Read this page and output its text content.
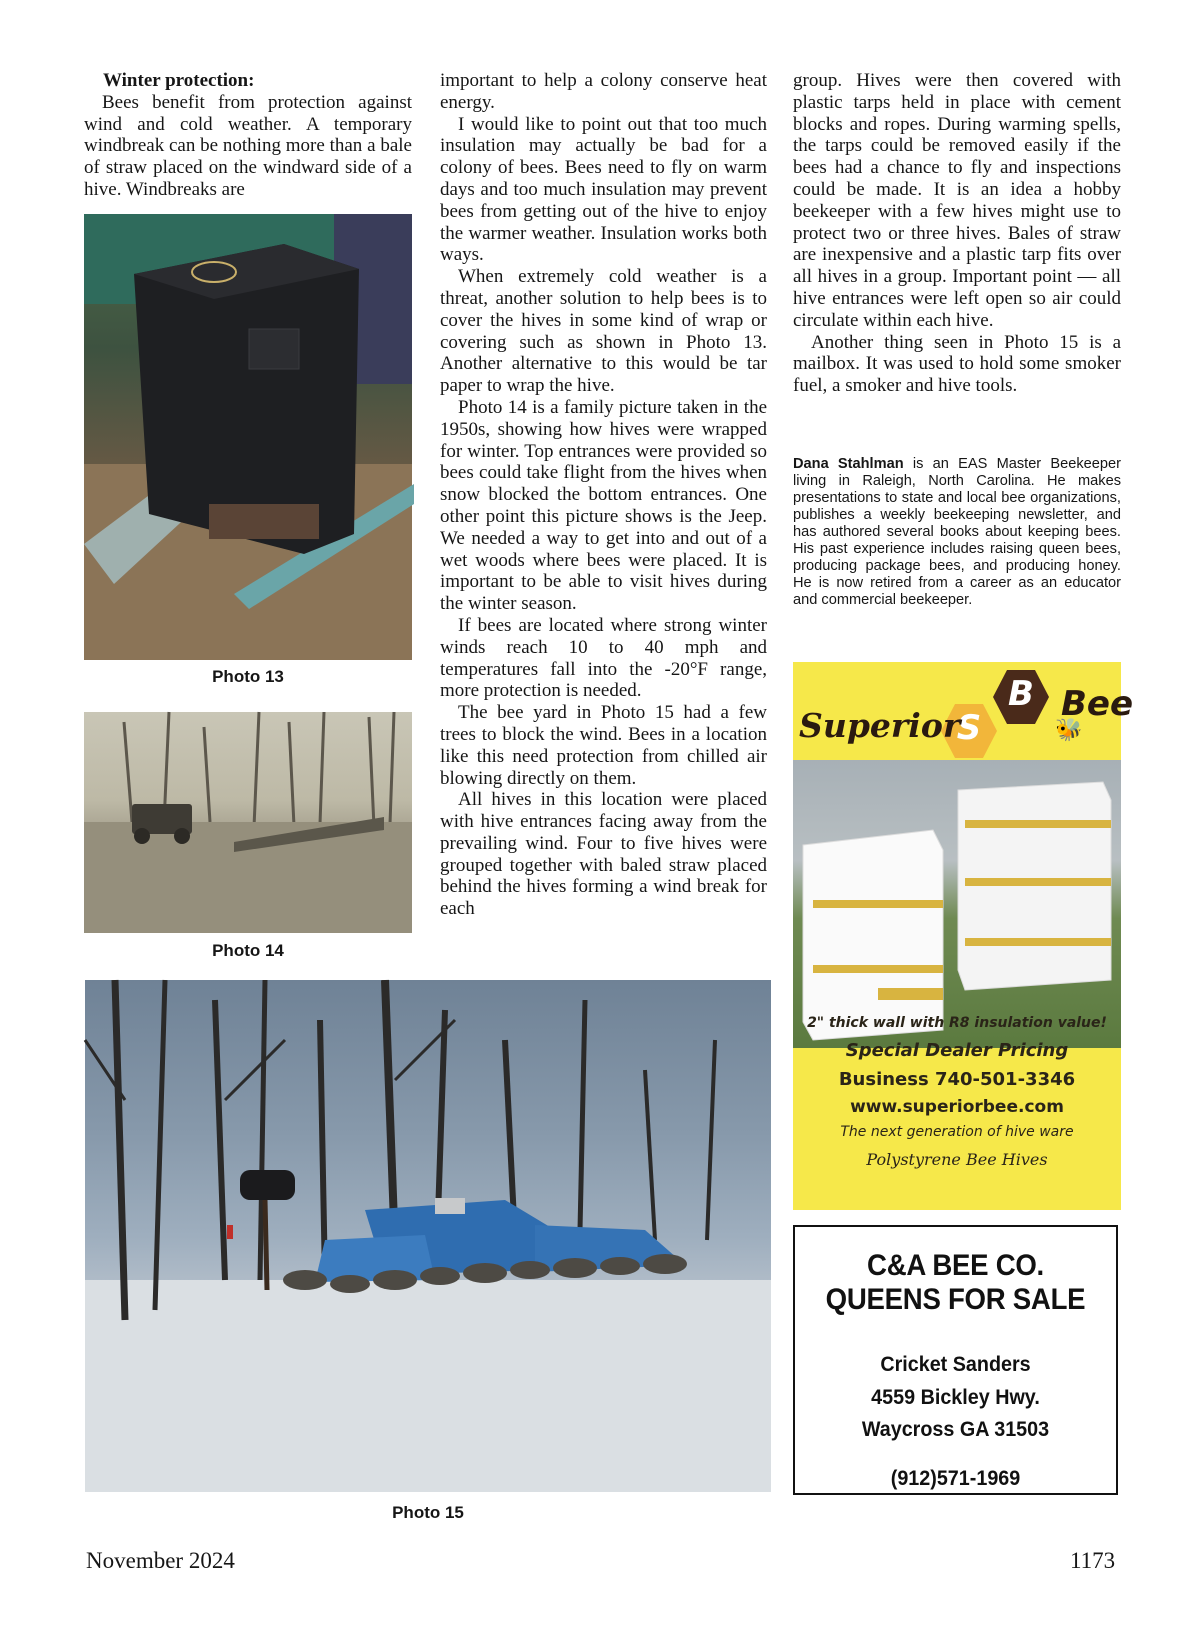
Winter protection:

Bees benefit from protection against wind and cold weather. A temporary windbreak can be nothing more than a bale of straw placed on the windward side of a hive. Windbreaks are

Photo 13
Photo 14

important to help a colony conserve heat energy.

I would like to point out that too much insulation may actually be bad for a colony of bees. Bees need to fly on warm days and too much insulation may prevent bees from getting out of the hive to enjoy the warmer weather. Insulation works both ways.

When extremely cold weather is a threat, another solution to help bees is to cover the hives in some kind of wrap or covering such as shown in Photo 13. Another alternative to this would be tar paper to wrap the hive.

Photo 14 is a family picture taken in the 1950s, showing how hives were wrapped for winter. Top entrances were provided so bees could take flight from the hives when snow blocked the bottom entrances. One other point this picture shows is the Jeep. We needed a way to get into and out of a wet woods where bees were placed. It is important to be able to visit hives during the winter season.

If bees are located where strong winter winds reach 10 to 40 mph and temperatures fall into the -20°F range, more protection is needed.

The bee yard in Photo 15 had a few trees to block the wind. Bees in a location like this need protection from chilled air blowing directly on them.

All hives in this location were placed with hive entrances facing away from the prevailing wind. Four to five hives were grouped together with baled straw placed behind the hives forming a wind break for each

group. Hives were then covered with plastic tarps held in place with cement blocks and ropes. During warming spells, the tarps could be removed easily if the bees had a chance to fly and inspections could be made. It is an idea a hobby beekeeper with a few hives might use to protect two or three hives. Bales of straw are inexpensive and a plastic tarp fits over all hives in a group. Important point — all hive entrances were left open so air could circulate within each hive.

Another thing seen in Photo 15 is a mailbox. It was used to hold some smoker fuel, a smoker and hive tools.

Dana Stahlman is an EAS Master Beekeeper living in Raleigh, North Carolina. He makes presentations to state and local bee organizations, publishes a weekly beekeeping newsletter, and has authored several books about keeping bees. His past experience includes raising queen bees, producing package bees, and producing honey. He is now retired from a career as an educator and commercial beekeeper.
Photo 15
S
B
Superior
Bee
🐝
2" thick wall with R8 insulation value!
Special Dealer Pricing
Business 740-501-3346
www.superiorbee.com
The next generation of hive ware
Polystyrene Bee Hives
C&A BEE CO.
QUEENS FOR SALE
Cricket Sanders
4559 Bickley Hwy.
Waycross GA 31503
(912)571-1969
November 2024	1173
